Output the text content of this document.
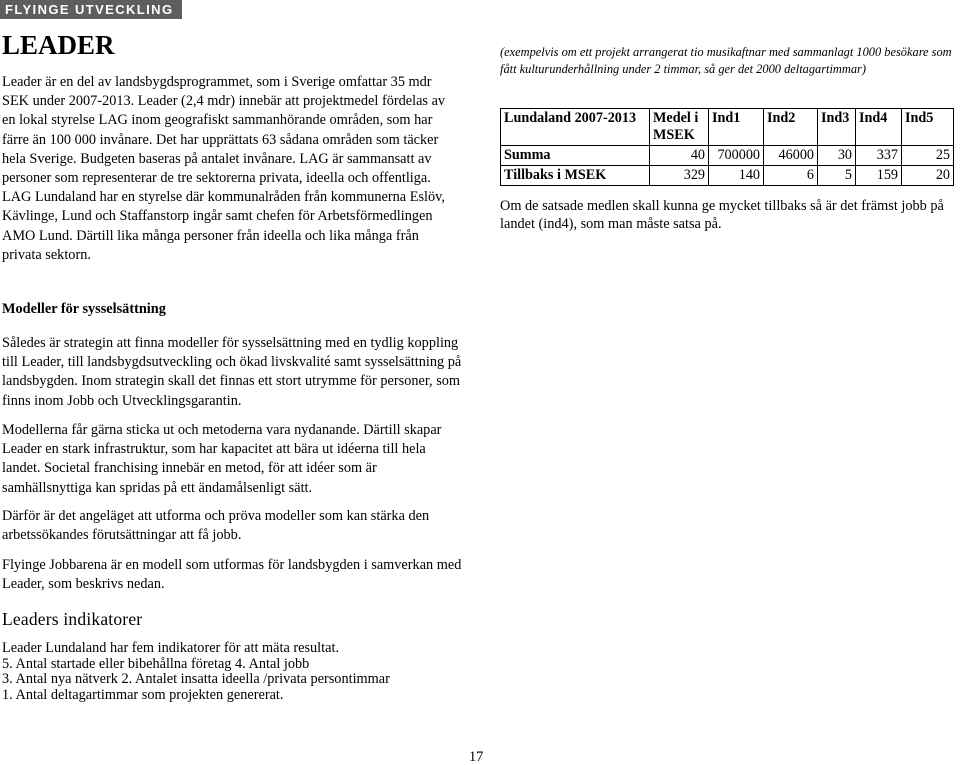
FLYINGE UTVECKLING
LEADER

Leader är en del av landsbygdsprogrammet, som i Sverige omfattar 35 mdr SEK under 2007-2013. Leader (2,4 mdr) innebär att projektmedel fördelas av en lokal styrelse LAG inom geografiskt sammanhörande områden, som har färre än 100 000 invånare. Det har upprättats 63 sådana områden som täcker hela Sverige. Budgeten baseras på antalet invånare. LAG är sammansatt av personer som representerar de tre sektorerna privata, ideella och offentliga.

LAG Lundaland har en styrelse där kommunalråden från kommunerna Eslöv, Kävlinge, Lund och Staffanstorp ingår samt chefen för Arbetsförmedlingen AMO Lund. Därtill lika många personer från ideella och lika många från privata sektorn.

(exempelvis om ett projekt arrangerat tio musikaftnar med sammanlagt 1000 besökare som fått kulturunderhållning under 2 timmar, så ger det 2000 deltagartimmar)

Lundaland 2007-2013	Medel i MSEK	Ind1	Ind2	Ind3	Ind4	Ind5
Summa	40	700000	46000	30	337	25
Tillbaks i MSEK	329	140	6	5	159	20

Om de satsade medlen skall kunna ge mycket tillbaks så är det främst jobb på landet (ind4), som man måste satsa på.

Modeller för sysselsättning

Således är strategin att finna modeller för sysselsättning med en tydlig koppling till Leader, till landsbygdsutveckling och ökad livskvalité samt sysselsättning på landsbygden. Inom strategin skall det finnas ett stort utrymme för personer, som finns inom Jobb och Utvecklingsgarantin.

Modellerna får gärna sticka ut och metoderna vara nydanande. Därtill skapar Leader en stark infrastruktur, som har kapacitet att bära ut idéerna till hela landet. Societal franchising innebär en metod, för att idéer som är samhällsnyttiga kan spridas på ett ändamålsenligt sätt.

Därför är det angeläget att utforma och pröva modeller som kan stärka den arbetssökandes förutsättningar att få jobb.

Flyinge Jobbarena är en modell som utformas för landsbygden i samverkan med Leader, som beskrivs nedan.

Leaders indikatorer
Leader Lundaland har fem indikatorer för att mäta resultat.
5. Antal startade eller bibehållna företag 4. Antal jobb
3. Antal nya nätverk 2. Antalet insatta ideella /privata persontimmar
1. Antal deltagartimmar som projekten genererat.
17
